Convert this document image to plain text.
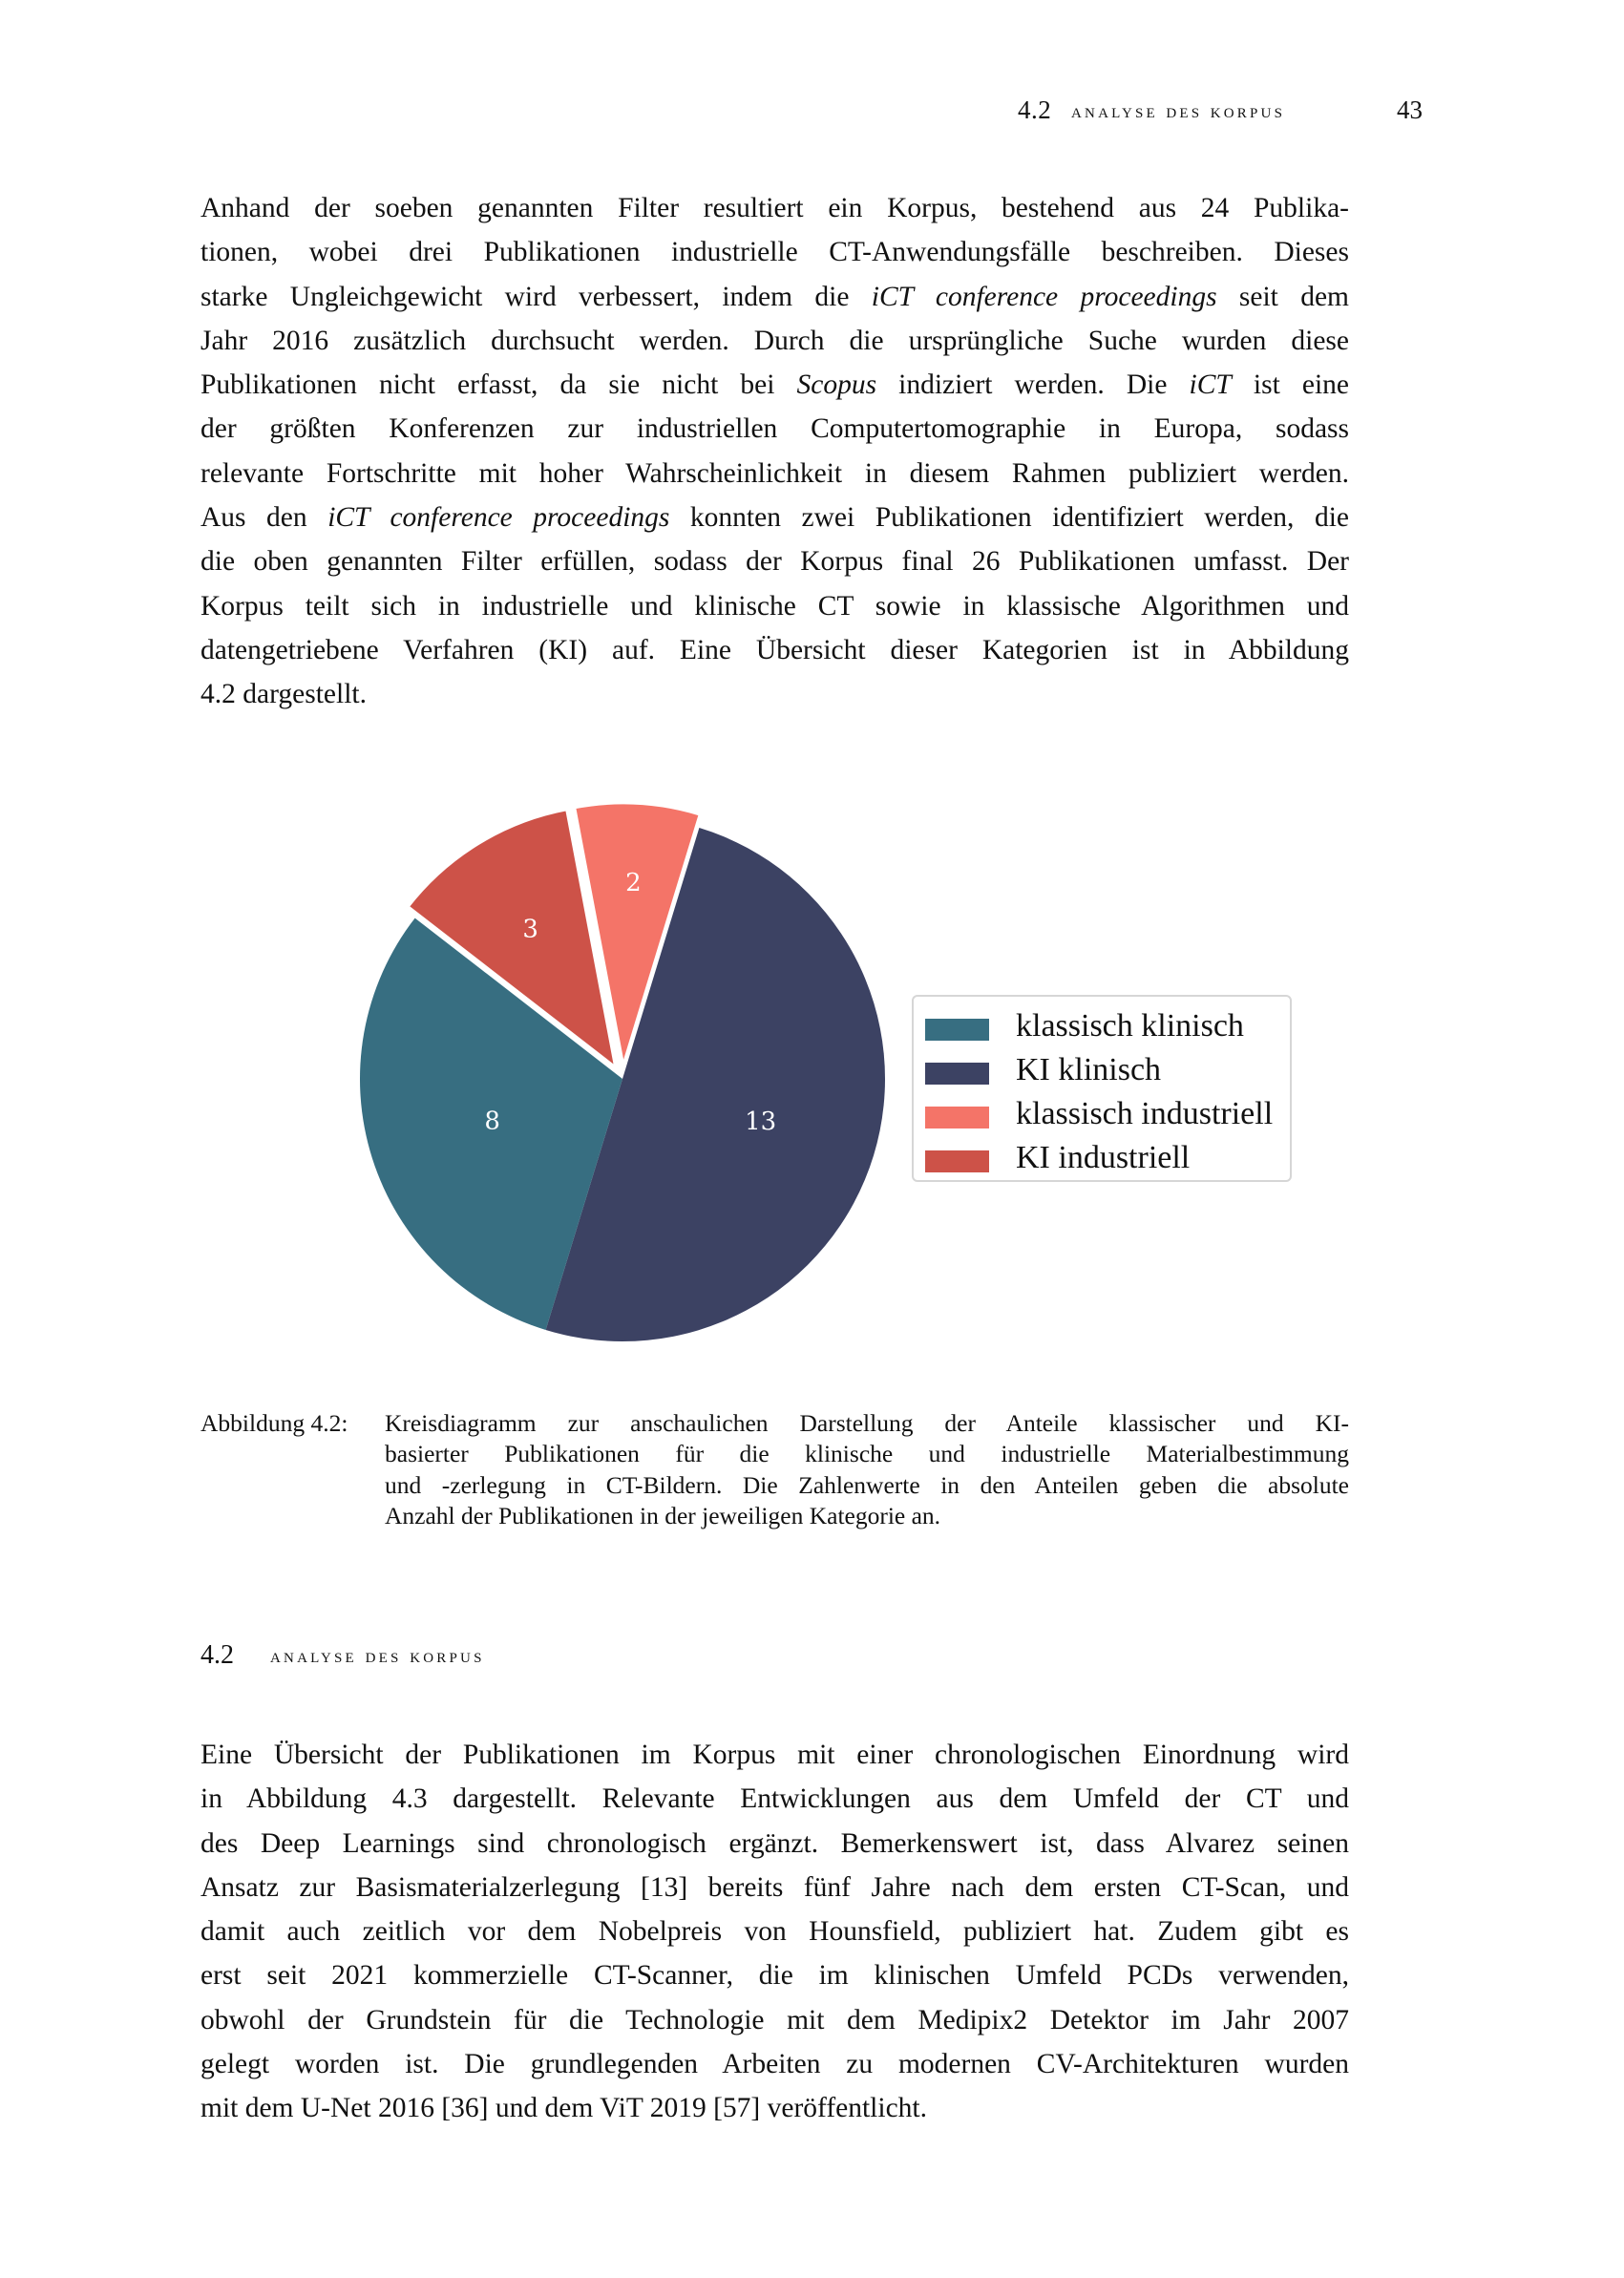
4.2 analyse des korpus	43
Anhand der soeben genannten Filter resultiert ein Korpus, bestehend aus 24 Publika-
tionen, wobei drei Publikationen industrielle CT-Anwendungsfälle beschreiben. Dieses
starke Ungleichgewicht wird verbessert, indem die iCT conference proceedings seit dem
Jahr 2016 zusätzlich durchsucht werden. Durch die ursprüngliche Suche wurden diese
Publikationen nicht erfasst, da sie nicht bei Scopus indiziert werden. Die iCT ist eine
der größten Konferenzen zur industriellen Computertomographie in Europa, sodass
relevante Fortschritte mit hoher Wahrscheinlichkeit in diesem Rahmen publiziert werden.
Aus den iCT conference proceedings konnten zwei Publikationen identifiziert werden, die
die oben genannten Filter erfüllen, sodass der Korpus final 26 Publikationen umfasst. Der
Korpus teilt sich in industrielle und klinische CT sowie in klassische Algorithmen und
datengetriebene Verfahren (KI) auf. Eine Übersicht dieser Kategorien ist in Abbildung
4.2 dargestellt.
13
2
3
8
klassisch klinisch
KI klinisch
klassisch industriell
KI industriell
Abbildung 4.2: Kreisdiagramm zur anschaulichen Darstellung der Anteile klassischer und KI-
basierter Publikationen für die klinische und industrielle Materialbestimmung
und -zerlegung in CT-Bildern. Die Zahlenwerte in den Anteilen geben die absolute
Anzahl der Publikationen in der jeweiligen Kategorie an.
4.2 analyse des korpus
Eine Übersicht der Publikationen im Korpus mit einer chronologischen Einordnung wird
in Abbildung 4.3 dargestellt. Relevante Entwicklungen aus dem Umfeld der CT und
des Deep Learnings sind chronologisch ergänzt. Bemerkenswert ist, dass Alvarez seinen
Ansatz zur Basismaterialzerlegung [13] bereits fünf Jahre nach dem ersten CT-Scan, und
damit auch zeitlich vor dem Nobelpreis von Hounsfield, publiziert hat. Zudem gibt es
erst seit 2021 kommerzielle CT-Scanner, die im klinischen Umfeld PCDs verwenden,
obwohl der Grundstein für die Technologie mit dem Medipix2 Detektor im Jahr 2007
gelegt worden ist. Die grundlegenden Arbeiten zu modernen CV-Architekturen wurden
mit dem U-Net 2016 [36] und dem ViT 2019 [57] veröffentlicht.
